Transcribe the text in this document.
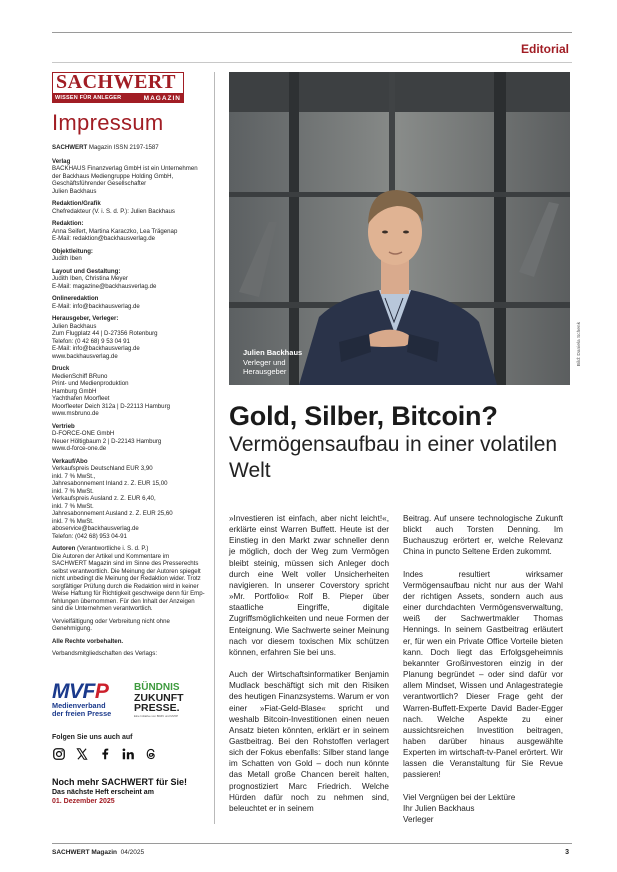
Editorial
SACHWERT
WISSEN FÜR ANLEGER	MAGAZIN
Impressum
SACHWERT Magazin ISSN 2197-1587
Verlag
BACKHAUS Finanzverlag GmbH ist ein Unternehmen
der Backhaus Mediengruppe Holding GmbH,
Geschäftsführender Gesellschafter
Julien Backhaus
Redaktion/Grafik
Chefredakteur (V. i. S. d. P.): Julien Backhaus
Redaktion:
Anna Seifert, Martina Karaczko, Lea Trägenap
E-Mail: redaktion@backhausverlag.de
Objektleitung:
Judith Iben
Layout und Gestaltung:
Judith Iben, Christina Meyer
E-Mail: magazine@backhausverlag.de
Onlineredaktion
E-Mail: info@backhausverlag.de
Herausgeber, Verleger:
Julien Backhaus
Zum Flugplatz 44 | D-27356 Rotenburg
Telefon: (0 42 68) 9 53 04 91
E-Mail: info@backhausverlag.de
www.backhausverlag.de
Druck
MedienSchiff BRuno
Print- und Medienproduktion
Hamburg GmbH
Yachthafen Moorfleet
Moorfleeter Deich 312a | D-22113 Hamburg
www.msbruno.de
Vertrieb
D-FORCE-ONE GmbH
Neuer Höltigbaum 2 | D-22143 Hamburg
www.d-force-one.de
Verkauf/Abo
Verkaufspreis Deutschland EUR 3,90
inkl. 7 % MwSt.,
Jahresabonnement Inland z. Z. EUR 15,00
inkl. 7 % MwSt.
Verkaufspreis Ausland z. Z. EUR 6,40,
inkl. 7 % MwSt.
Jahresabonnement Ausland z. Z. EUR 25,60
inkl. 7 % MwSt.
aboservice@backhausverlag.de
Telefon: (042 68) 953 04-91
Autoren (Verantwortliche i. S. d. P.)
Die Autoren der Artikel und Kommentare im
SACHWERT Magazin sind im Sinne des Presserechts
selbst verantwortlich. Die Meinung der Autoren spiegelt
nicht unbedingt die Meinung der Redaktion wider. Trotz
sorgfältiger Prüfung durch die Redaktion wird in keiner
Weise Haftung für Richtigkeit geschweige denn für Emp-
fehlungen übernommen. Für den Inhalt der Anzeigen
sind die Unternehmen verantwortlich.
Vervielfältigung oder Verbreitung nicht ohne
Genehmigung.
Alle Rechte vorbehalten.
Verbandsmitgliedschaften des Verlags:
MVFP
Medienverband
der freien Presse
BÜNDNIS
ZUKUNFT
PRESSE.
Eine Initiative von BDZV und MVFP
Folgen Sie uns auch auf
Noch mehr SACHWERT für Sie!
Das nächste Heft erscheint am
01. Dezember 2025
Julien Backhaus
Verleger und
Herausgeber
Bild: Daniela Schenk
Gold, Silber, Bitcoin?
Vermögensaufbau in einer volatilen Welt

»Investieren ist einfach, aber nicht leicht!«, erklärte einst Warren Buffett. Heute ist der Einstieg in den Markt zwar schneller denn je möglich, doch der Weg zum Vermögen bleibt steinig, müssen sich Anleger doch durch eine Welt voller Unsicherheiten navigieren. In unserer Coverstory spricht »Mr. Portfolio« Rolf B. Pieper über staatliche Eingriffe, digitale Zugriffsmöglichkeiten und neue Formen der Enteignung. Wie Sachwerte seiner Meinung nach vor diesem toxischen Mix schützen können, erfahren Sie bei uns.

Auch der Wirtschaftsinformatiker Benjamin Mudlack beschäftigt sich mit den Risiken des heutigen Finanzsystems. Warum er von einer »Fiat-Geld-Blase« spricht und weshalb Bitcoin-Investitionen einen neuen Ansatz bieten könnten, erklärt er in seinem Gastbeitrag. Bei den Rohstoffen verlagert sich der Fokus ebenfalls: Silber stand lange im Schatten von Gold – doch nun könnte das Metall große Chancen bereit halten, prognostiziert Marc Friedrich. Welche Hürden dafür noch zu nehmen sind, beleuchtet er in seinem

Beitrag. Auf unsere technologische Zukunft blickt auch Torsten Denning. Im Buchauszug erörtert er, welche Relevanz China in puncto Seltene Erden zukommt.

Indes resultiert wirksamer Vermögensaufbau nicht nur aus der Wahl der richtigen Assets, sondern auch aus einer durchdachten Vermögensverwaltung, weiß der Sachwertmakler Thomas Hennings. In seinem Gastbeitrag erläutert er, für wen ein Private Office Vorteile bieten kann. Doch liegt das Erfolgsgeheimnis bekannter Großinvestoren einzig in der Planung begründet – oder sind dafür vor allem Mindset, Wissen und Anlagestrategie verantwortlich? Dieser Frage geht der Warren-Buffett-Experte David Bader-Egger nach. Welche Aspekte zu einer aussichtsreichen Investition beitragen, haben darüber hinaus ausgewählte Experten im wirtschaft-tv-Panel erörtert. Wir lassen die Veranstaltung für Sie Revue passieren!

Viel Vergnügen bei der Lektüre
Ihr Julien Backhaus
Verleger

SACHWERT Magazin 04/2025	3
